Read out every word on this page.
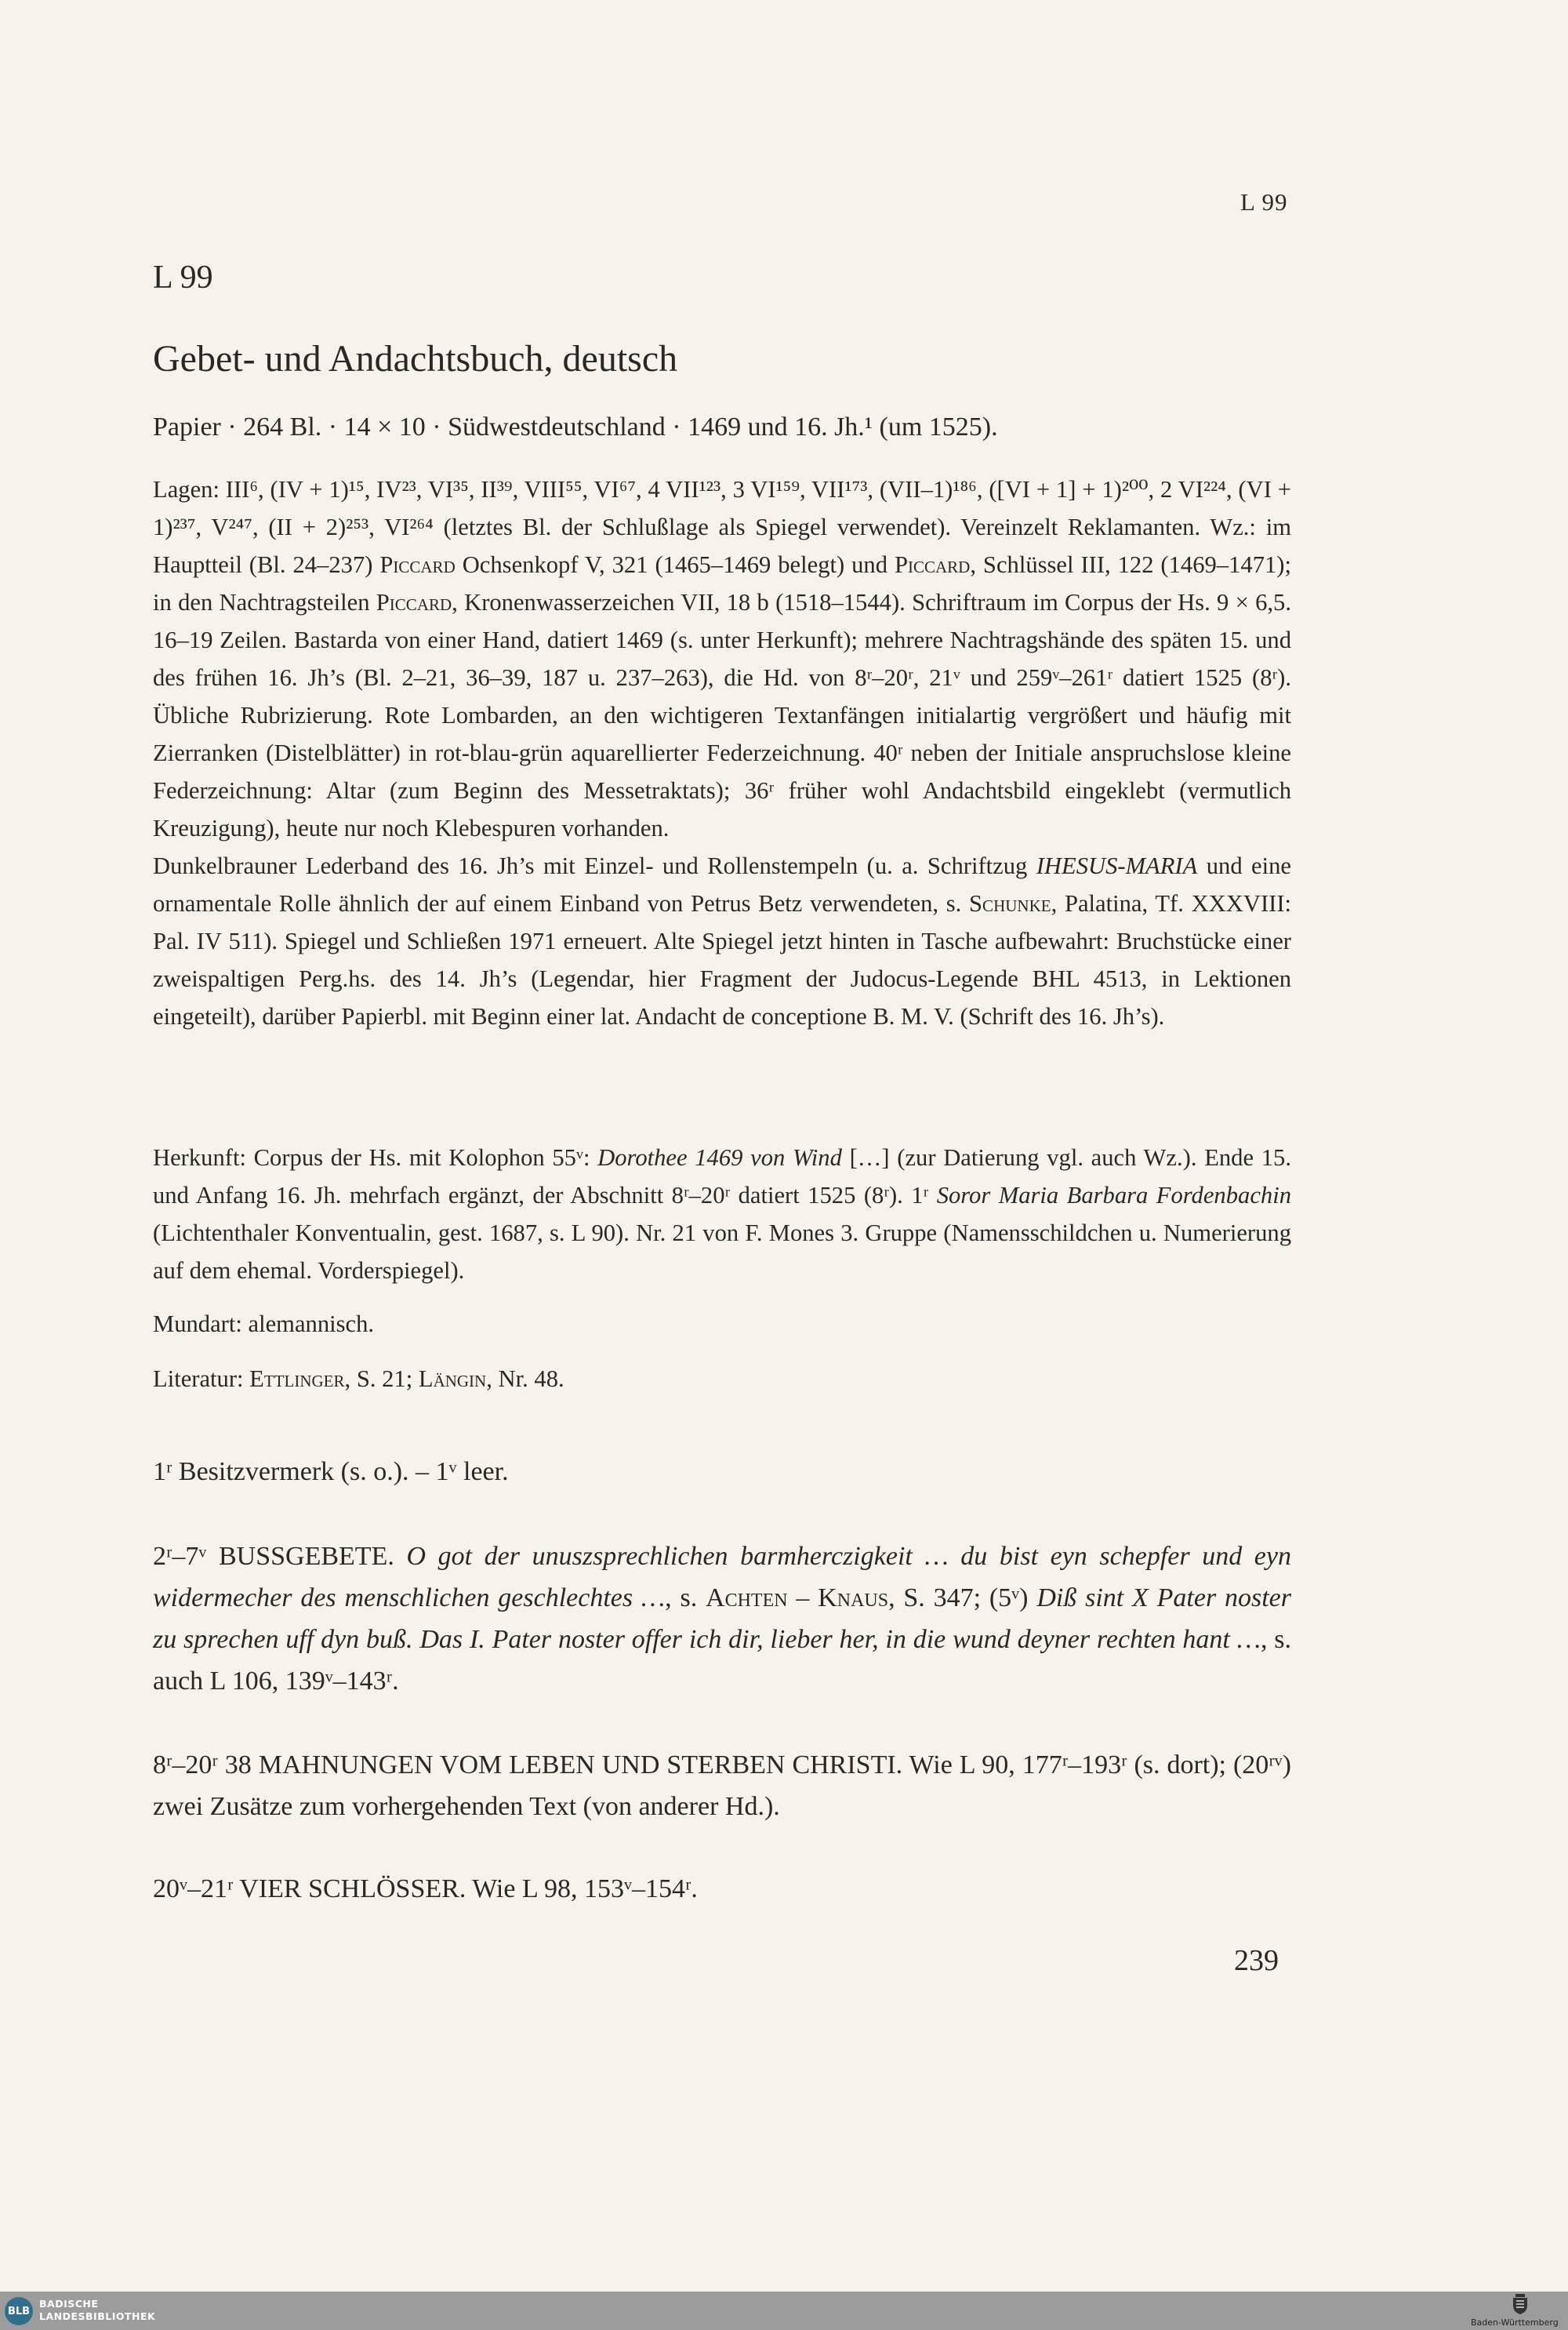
L 99
L 99
Gebet- und Andachtsbuch, deutsch
Papier · 264 Bl. · 14 × 10 · Südwestdeutschland · 1469 und 16. Jh.¹ (um 1525).

Lagen: III⁶, (IV + 1)¹⁵, IV²³, VI³⁵, II³⁹, VIII⁵⁵, VI⁶⁷, 4 VII¹²³, 3 VI¹⁵⁹, VII¹⁷³, (VII–1)¹⁸⁶, ([VI + 1] + 1)²⁰⁰, 2 VI²²⁴, (VI + 1)²³⁷, V²⁴⁷, (II + 2)²⁵³, VI²⁶⁴ (letztes Bl. der Schlußlage als Spiegel verwendet). Vereinzelt Reklamanten. Wz.: im Hauptteil (Bl. 24–237) Piccard Ochsenkopf V, 321 (1465–1469 belegt) und Piccard, Schlüssel III, 122 (1469–1471); in den Nachtragsteilen Piccard, Kronenwasserzeichen VII, 18 b (1518–1544). Schriftraum im Corpus der Hs. 9 × 6,5. 16–19 Zeilen. Bastarda von einer Hand, datiert 1469 (s. unter Herkunft); mehrere Nachtragshände des späten 15. und des frühen 16. Jh’s (Bl. 2–21, 36–39, 187 u. 237–263), die Hd. von 8ʳ–20ʳ, 21ᵛ und 259ᵛ–261ʳ datiert 1525 (8ʳ). Übliche Rubrizierung. Rote Lombarden, an den wichtigeren Textanfängen initialartig vergrößert und häufig mit Zierranken (Distelblätter) in rot-blau-grün aquarellierter Federzeichnung. 40ʳ neben der Initiale anspruchslose kleine Federzeichnung: Altar (zum Beginn des Messetraktats); 36ʳ früher wohl Andachtsbild eingeklebt (vermutlich Kreuzigung), heute nur noch Klebespuren vorhanden.

Dunkelbrauner Lederband des 16. Jh’s mit Einzel- und Rollenstempeln (u. a. Schriftzug IHESUS-MARIA und eine ornamentale Rolle ähnlich der auf einem Einband von Petrus Betz verwendeten, s. Schunke, Palatina, Tf. XXXVIII: Pal. IV 511). Spiegel und Schließen 1971 erneuert. Alte Spiegel jetzt hinten in Tasche aufbewahrt: Bruchstücke einer zweispaltigen Perg.hs. des 14. Jh’s (Legendar, hier Fragment der Judocus-Legende BHL 4513, in Lektionen eingeteilt), darüber Papierbl. mit Beginn einer lat. Andacht de conceptione B. M. V. (Schrift des 16. Jh’s).

Herkunft: Corpus der Hs. mit Kolophon 55ᵛ: Dorothee 1469 von Wind […] (zur Datierung vgl. auch Wz.). Ende 15. und Anfang 16. Jh. mehrfach ergänzt, der Abschnitt 8ʳ–20ʳ datiert 1525 (8ʳ). 1ʳ Soror Maria Barbara Fordenbachin (Lichtenthaler Konventualin, gest. 1687, s. L 90). Nr. 21 von F. Mones 3. Gruppe (Namensschildchen u. Numerierung auf dem ehemal. Vorderspiegel).

Mundart: alemannisch.

Literatur: Ettlinger, S. 21; Längin, Nr. 48.

1ʳ Besitzvermerk (s. o.). – 1ᵛ leer.

2ʳ–7ᵛ BUSSGEBETE. O got der unuszsprechlichen barmherczigkeit … du bist eyn schepfer und eyn widermecher des menschlichen geschlechtes …, s. Achten – Knaus, S. 347; (5ᵛ) Diß sint X Pater noster zu sprechen uff dyn buß. Das I. Pater noster offer ich dir, lieber her, in die wund deyner rechten hant …, s. auch L 106, 139ᵛ–143ʳ.

8ʳ–20ʳ 38 MAHNUNGEN VOM LEBEN UND STERBEN CHRISTI. Wie L 90, 177ʳ–193ʳ (s. dort); (20ʳᵛ) zwei Zusätze zum vorhergehenden Text (von anderer Hd.).

20ᵛ–21ʳ VIER SCHLÖSSER. Wie L 98, 153ᵛ–154ʳ.

239
BLB
BADISCHE
LANDESBIBLIOTHEK
Baden-Württemberg
